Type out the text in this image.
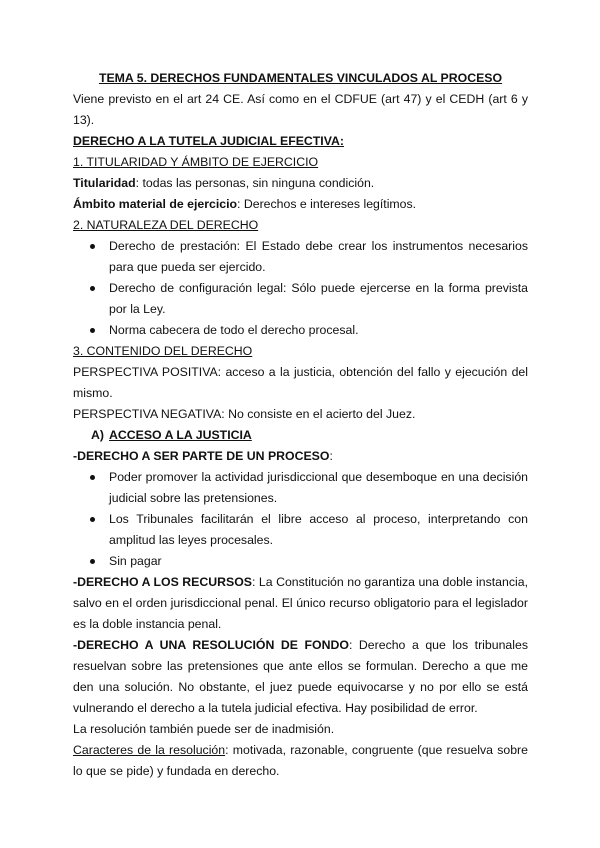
TEMA 5. DERECHOS FUNDAMENTALES VINCULADOS AL PROCESO

Viene previsto en el art 24 CE. Así como en el CDFUE (art 47) y el CEDH (art 6 y 13).

DERECHO A LA TUTELA JUDICIAL EFECTIVA:

1. TITULARIDAD Y ÁMBITO DE EJERCICIO

Titularidad: todas las personas, sin ninguna condición.

Ámbito material de ejercicio: Derechos e intereses legítimos.

2. NATURALEZA DEL DERECHO

Derecho de prestación: El Estado debe crear los instrumentos necesarios para que pueda ser ejercido.
Derecho de configuración legal: Sólo puede ejercerse en la forma prevista por la Ley.
Norma cabecera de todo el derecho procesal.

3. CONTENIDO DEL DERECHO

PERSPECTIVA POSITIVA: acceso a la justicia, obtención del fallo y ejecución del mismo.

PERSPECTIVA NEGATIVA: No consiste en el acierto del Juez.

A) ACCESO A LA JUSTICIA

-DERECHO A SER PARTE DE UN PROCESO:

Poder promover la actividad jurisdiccional que desemboque en una decisión judicial sobre las pretensiones.
Los Tribunales facilitarán el libre acceso al proceso, interpretando con amplitud las leyes procesales.
Sin pagar

-DERECHO A LOS RECURSOS: La Constitución no garantiza una doble instancia, salvo en el orden jurisdiccional penal. El único recurso obligatorio para el legislador es la doble instancia penal.

-DERECHO A UNA RESOLUCIÓN DE FONDO: Derecho a que los tribunales resuelvan sobre las pretensiones que ante ellos se formulan. Derecho a que me den una solución. No obstante, el juez puede equivocarse y no por ello se está vulnerando el derecho a la tutela judicial efectiva. Hay posibilidad de error.

La resolución también puede ser de inadmisión.

Caracteres de la resolución: motivada, razonable, congruente (que resuelva sobre lo que se pide) y fundada en derecho.
